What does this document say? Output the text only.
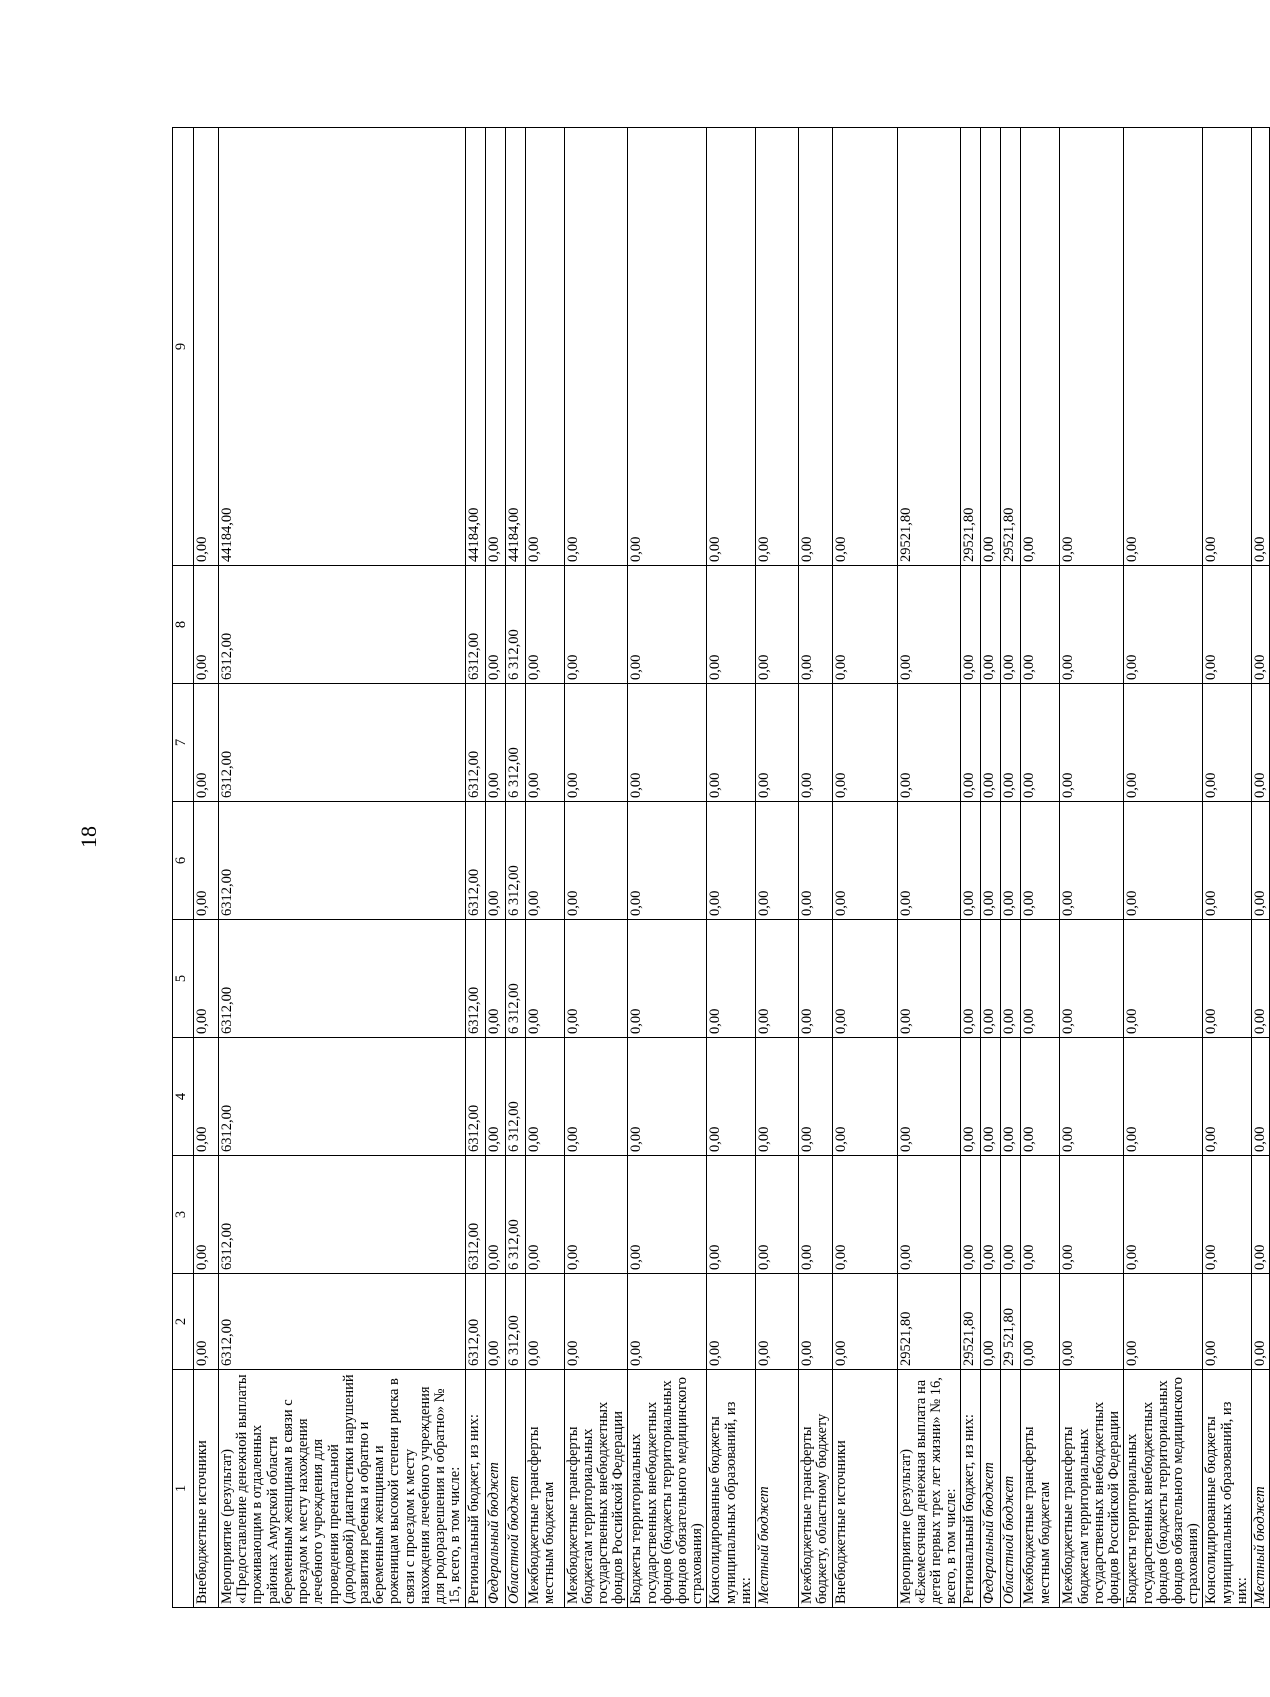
18
1	2	3	4	5	6	7	8	9
Внебюджетные источники	0,00	0,00	0,00	0,00	0,00	0,00	0,00	0,00
Мероприятие (результат) «Предоставление денежной выплаты проживающим в отдаленных районах Амурской области беременным женщинам в связи с проездом к месту нахождения лечебного учреждения для проведения пренатальной (дородовой) диагностики нарушений развития ребенка и обратно и беременным женщинам и роженицам высокой степени риска в связи с проездом к месту нахождения лечебного учреждения для родоразрешения и обратно» № 15, всего, в том числе:	6312,00	6312,00	6312,00	6312,00	6312,00	6312,00	6312,00	44184,00
Региональный бюджет, из них:	6312,00	6312,00	6312,00	6312,00	6312,00	6312,00	6312,00	44184,00
Федеральный бюджет	0,00	0,00	0,00	0,00	0,00	0,00	0,00	0,00
Областной бюджет	6 312,00	6 312,00	6 312,00	6 312,00	6 312,00	6 312,00	6 312,00	44184,00
Межбюджетные трансферты местным бюджетам	0,00	0,00	0,00	0,00	0,00	0,00	0,00	0,00
Межбюджетные трансферты бюджетам территориальных государственных внебюджетных фондов Российской Федерации	0,00	0,00	0,00	0,00	0,00	0,00	0,00	0,00
Бюджеты территориальных государственных внебюджетных фондов (бюджеты территориальных фондов обязательного медицинского страхования)	0,00	0,00	0,00	0,00	0,00	0,00	0,00	0,00
Консолидированные бюджеты муниципальных образований, из них:	0,00	0,00	0,00	0,00	0,00	0,00	0,00	0,00
Местный бюджет	0,00	0,00	0,00	0,00	0,00	0,00	0,00	0,00
Межбюджетные трансферты бюджету, областному бюджету	0,00	0,00	0,00	0,00	0,00	0,00	0,00	0,00
Внебюджетные источники	0,00	0,00	0,00	0,00	0,00	0,00	0,00	0,00
Мероприятие (результат) «Ежемесячная денежная выплата на детей первых трех лет жизни» № 16, всего, в том числе:	29521,80	0,00	0,00	0,00	0,00	0,00	0,00	29521,80
Региональный бюджет, из них:	29521,80	0,00	0,00	0,00	0,00	0,00	0,00	29521,80
Федеральный бюджет	0,00	0,00	0,00	0,00	0,00	0,00	0,00	0,00
Областной бюджет	29 521,80	0,00	0,00	0,00	0,00	0,00	0,00	29521,80
Межбюджетные трансферты местным бюджетам	0,00	0,00	0,00	0,00	0,00	0,00	0,00	0,00
Межбюджетные трансферты бюджетам территориальных государственных внебюджетных фондов Российской Федерации	0,00	0,00	0,00	0,00	0,00	0,00	0,00	0,00
Бюджеты территориальных государственных внебюджетных фондов (бюджеты территориальных фондов обязательного медицинского страхования)	0,00	0,00	0,00	0,00	0,00	0,00	0,00	0,00
Консолидированные бюджеты муниципальных образований, из них:	0,00	0,00	0,00	0,00	0,00	0,00	0,00	0,00
Местный бюджет	0,00	0,00	0,00	0,00	0,00	0,00	0,00	0,00
